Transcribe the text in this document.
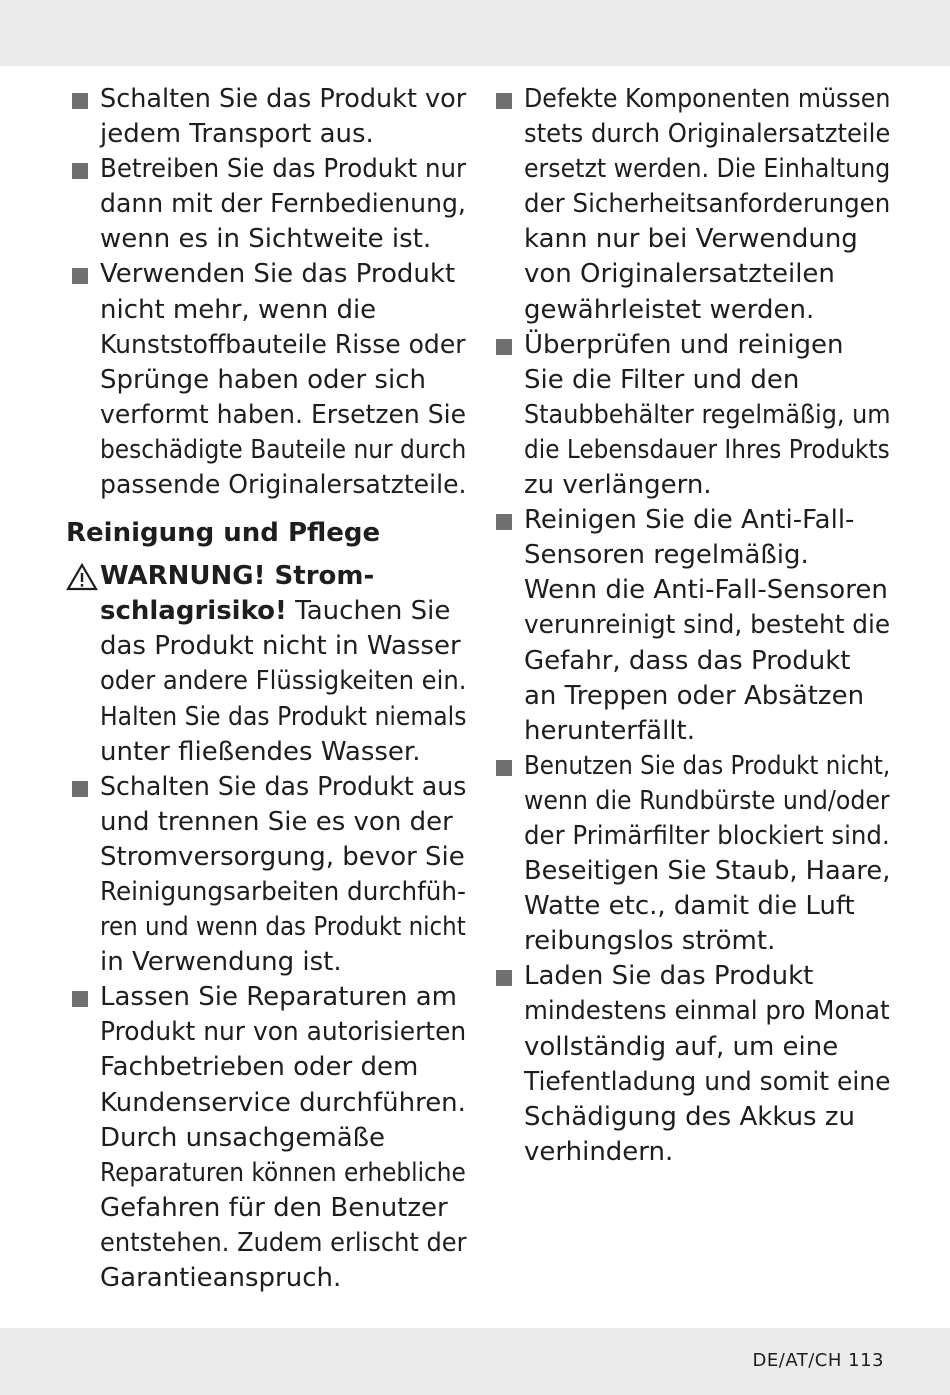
Schalten Sie das Produkt vor
jedem Transport aus.
Betreiben Sie das Produkt nur
dann mit der Fernbedienung,
wenn es in Sichtweite ist.
Verwenden Sie das Produkt
nicht mehr, wenn die
Kunststoffbauteile Risse oder
Sprünge haben oder sich
verformt haben. Ersetzen Sie
beschädigte Bauteile nur durch
passende Originalersatzteile.
Reinigung und Pflege
WARNUNG! Strom-
schlagrisiko! Tauchen Sie
das Produkt nicht in Wasser
oder andere Flüssigkeiten ein.
Halten Sie das Produkt niemals
unter fließendes Wasser.
Schalten Sie das Produkt aus
und trennen Sie es von der
Stromversorgung, bevor Sie
Reinigungsarbeiten durchfüh-
ren und wenn das Produkt nicht
in Verwendung ist.
Lassen Sie Reparaturen am
Produkt nur von autorisierten
Fachbetrieben oder dem
Kundenservice durchführen.
Durch unsachgemäße
Reparaturen können erhebliche
Gefahren für den Benutzer
entstehen. Zudem erlischt der
Garantieanspruch.
Defekte Komponenten müssen
stets durch Originalersatzteile
ersetzt werden. Die Einhaltung
der Sicherheitsanforderungen
kann nur bei Verwendung
von Originalersatzteilen
gewährleistet werden.
Überprüfen und reinigen
Sie die Filter und den
Staubbehälter regelmäßig, um
die Lebensdauer Ihres Produkts
zu verlängern.
Reinigen Sie die Anti-Fall-
Sensoren regelmäßig.
Wenn die Anti-Fall-Sensoren
verunreinigt sind, besteht die
Gefahr, dass das Produkt
an Treppen oder Absätzen
herunterfällt.
Benutzen Sie das Produkt nicht,
wenn die Rundbürste und/oder
der Primärfilter blockiert sind.
Beseitigen Sie Staub, Haare,
Watte etc., damit die Luft
reibungslos strömt.
Laden Sie das Produkt
mindestens einmal pro Monat
vollständig auf, um eine
Tiefentladung und somit eine
Schädigung des Akkus zu
verhindern.
DE/AT/CH 113
